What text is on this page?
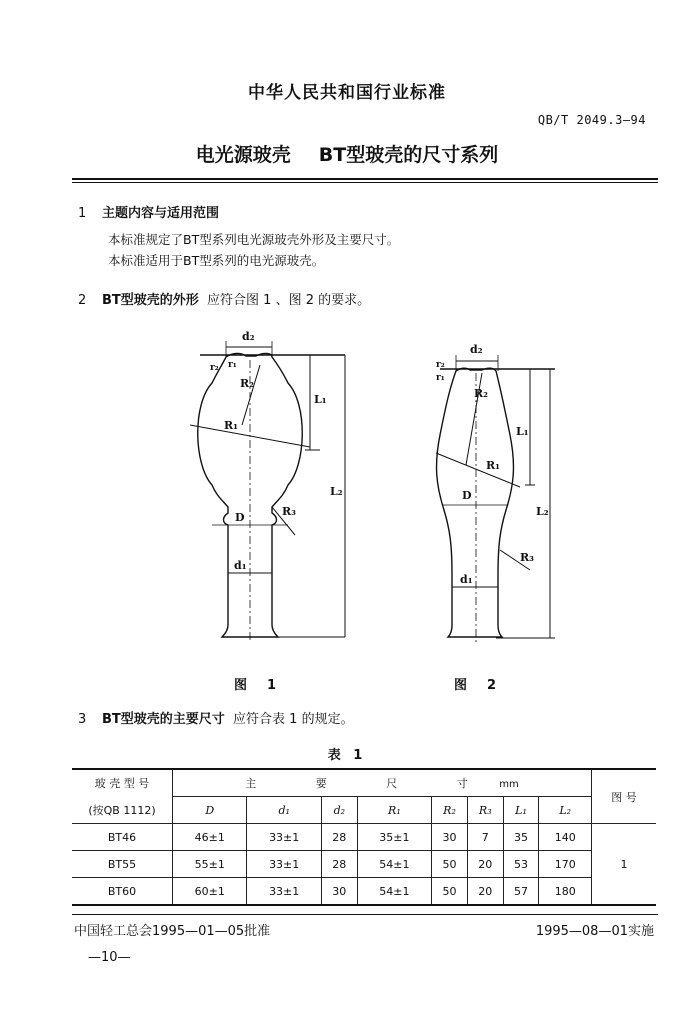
中华人民共和国行业标准
QB/T 2049.3—94
电光源玻壳 BT型玻壳的尺寸系列
1 主题内容与适用范围
本标准规定了BT型系列电光源玻壳外形及主要尺寸。
本标准适用于BT型系列的电光源玻壳。
2 BT型玻壳的外形 应符合图 1 、图 2 的要求。
d₂
r₂ r₁
R₂
L₁
R₁
L₂
D	R₃
d₁
图 1
d₂
r₂
r₁
R₂
L₁
R₁
D
L₂
R₃
d₁
图 2
3 BT型玻壳的主要尺寸 应符合表 1 的规定。
表 1
玻 壳 型 号	主 要 尺 寸 mm								图 号
(按QB 1112)	D	d₁	d₂	R₁	R₂	R₃	L₁	L₂	
BT46	46±1	33±1	28	35±1	30	7	35	140	1
BT55	55±1	33±1	28	54±1	50	20	53	170	
BT60	60±1	33±1	30	54±1	50	20	57	180	
中国轻工总会1995—01—05批准	1995—08—01实施
—10—
